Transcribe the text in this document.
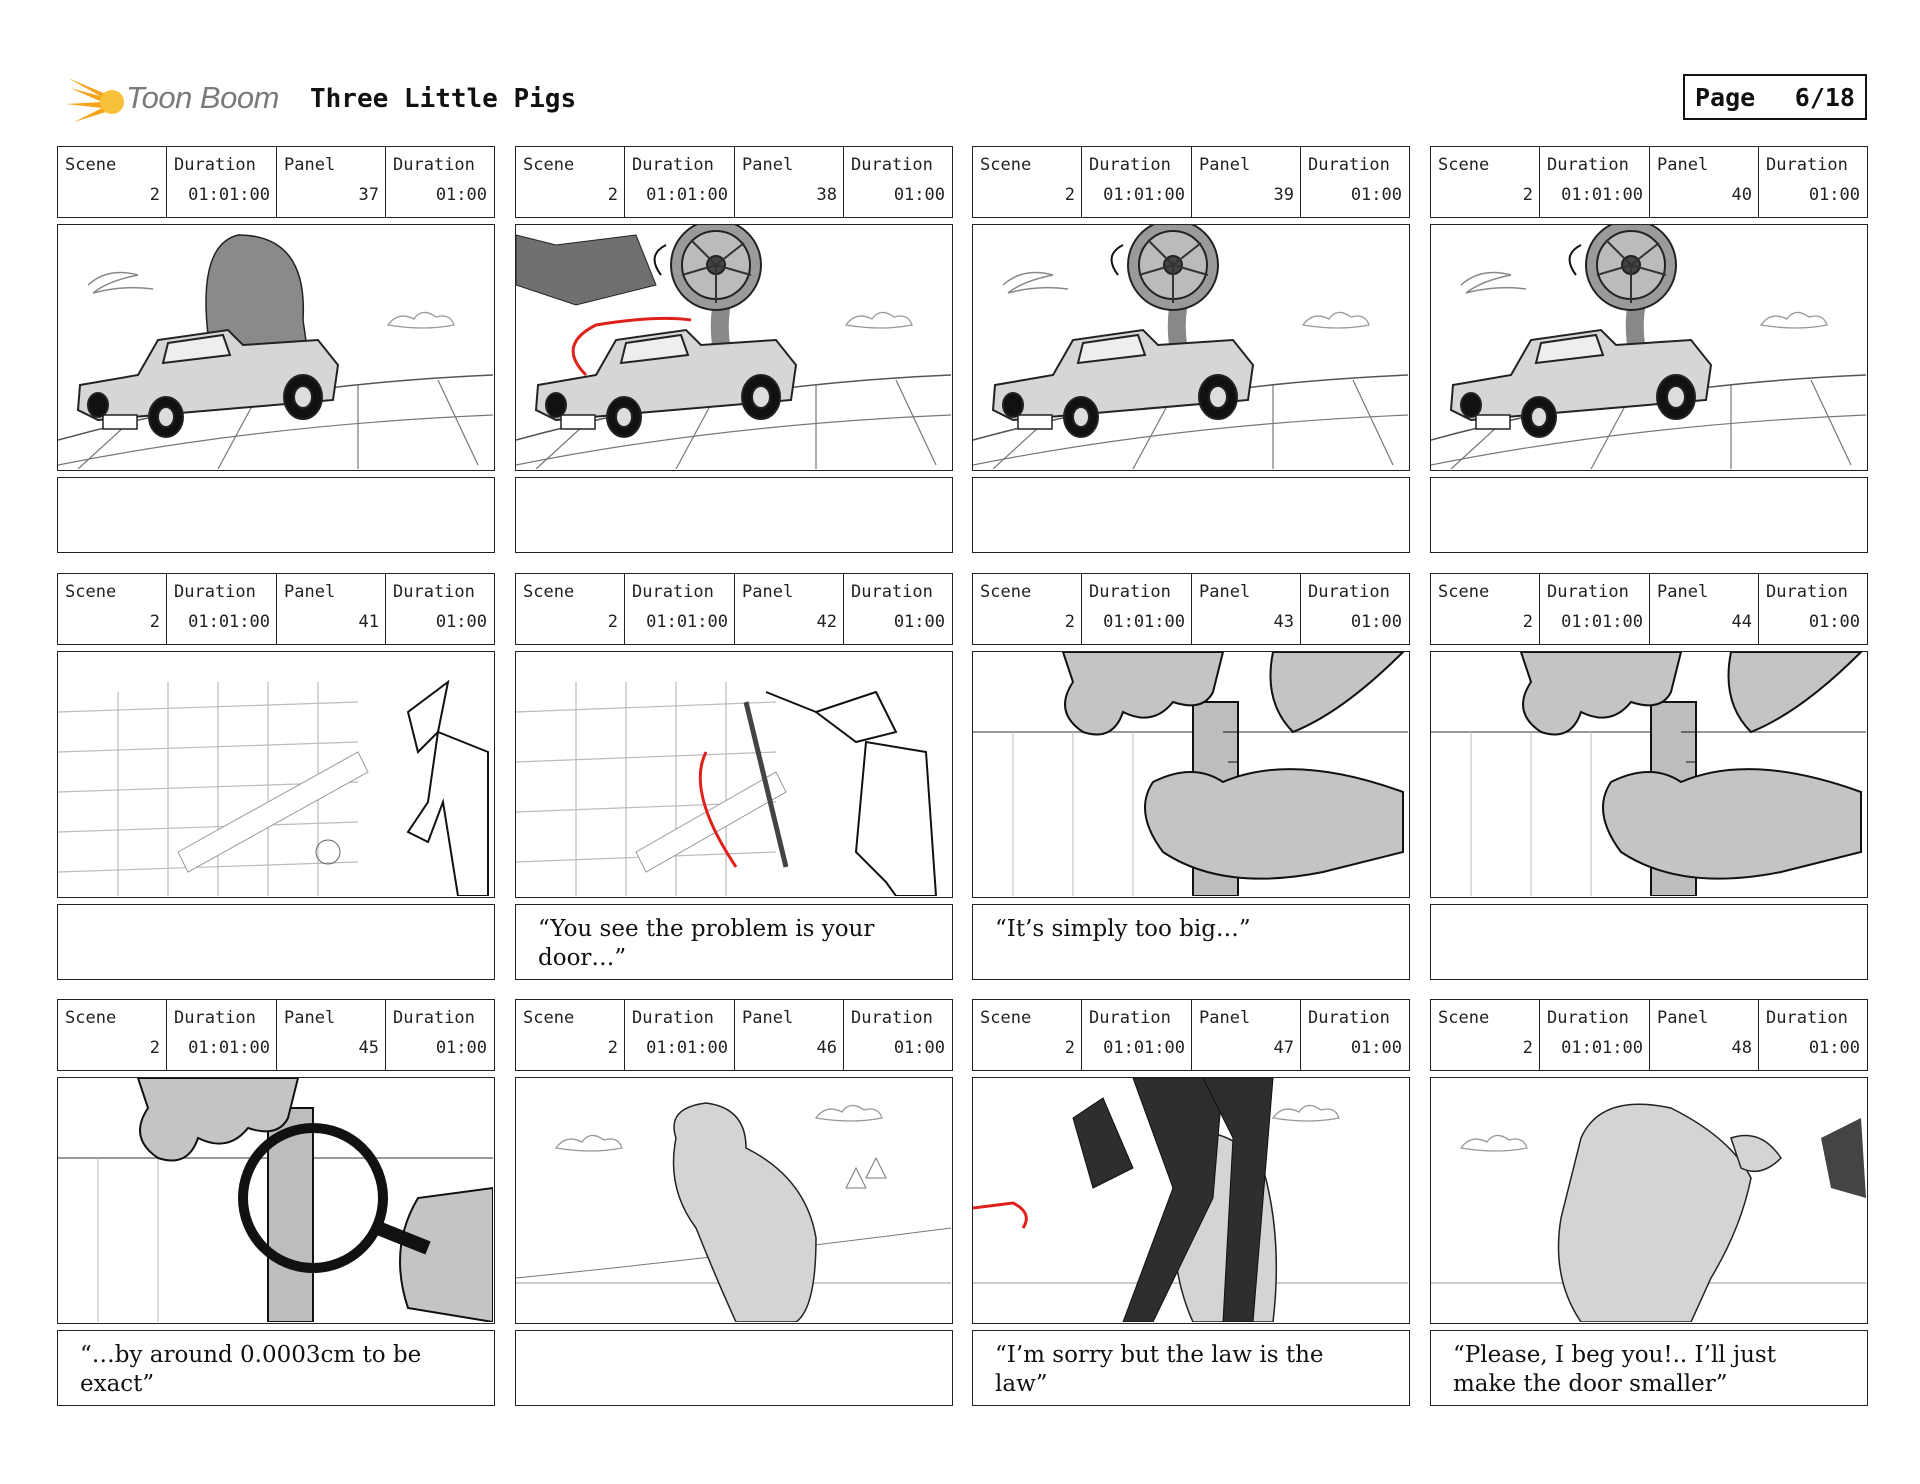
Toon Boom Three Little Pigs	Page 6/18
Scene
2
Duration
01:01:00
Panel
37
Duration
01:00
Scene
2
Duration
01:01:00
Panel
38
Duration
01:00
Scene
2
Duration
01:01:00
Panel
39
Duration
01:00
Scene
2
Duration
01:01:00
Panel
40
Duration
01:00
Scene
2
Duration
01:01:00
Panel
41
Duration
01:00
Scene
2
Duration
01:01:00
Panel
42
Duration
01:00
“You see the problem is your door…”
Scene
2
Duration
01:01:00
Panel
43
Duration
01:00
“It’s simply too big…”
Scene
2
Duration
01:01:00
Panel
44
Duration
01:00
Scene
2
Duration
01:01:00
Panel
45
Duration
01:00
“…by around 0.0003cm to be exact”
Scene
2
Duration
01:01:00
Panel
46
Duration
01:00
Scene
2
Duration
01:01:00
Panel
47
Duration
01:00
“I’m sorry but the law is the law”
Scene
2
Duration
01:01:00
Panel
48
Duration
01:00
“Please, I beg you!.. I’ll just make the door smaller”
